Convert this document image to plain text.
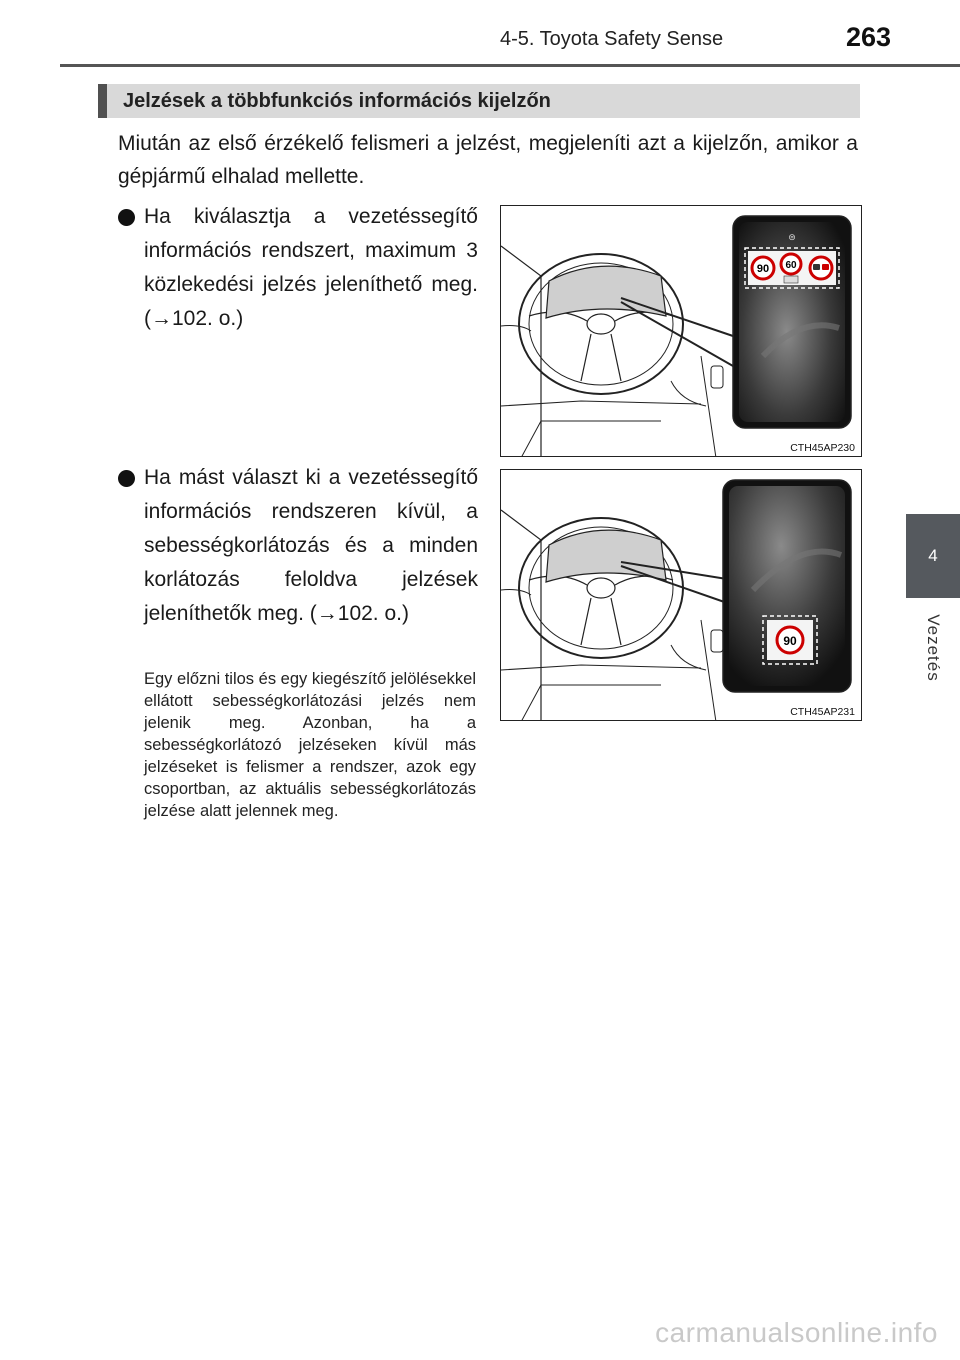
4-5. Toyota Safety Sense	263
4
Vezetés
Jelzések a többfunkciós információs kijelzőn
Miután az első érzékelő felismeri a jelzést, megjeleníti azt a kijelzőn, amikor a gépjármű elhalad mellette.
Ha kiválasztja a vezetéssegítő információs rendszert, maximum 3 közlekedési jelzés jeleníthető meg. (→102. o.)
Ha mást választ ki a vezetéssegítő információs rendszeren kívül, a sebességkorlátozás és a minden korlátozás feloldva jelzések jeleníthetők meg. (→102. o.)
Egy előzni tilos és egy kiegészítő jelölésekkel ellátott sebességkorlátozási jelzés nem jelenik meg. Azonban, ha a sebességkorlátozó jelzéseken kívül más jelzéseket is felismer a rendszer, azok egy csoportban, az aktuális sebességkorlátozás jelzése alatt jelennek meg.
⊜
90 60
CTH45AP230
90
CTH45AP231
carmanualsonline.info
